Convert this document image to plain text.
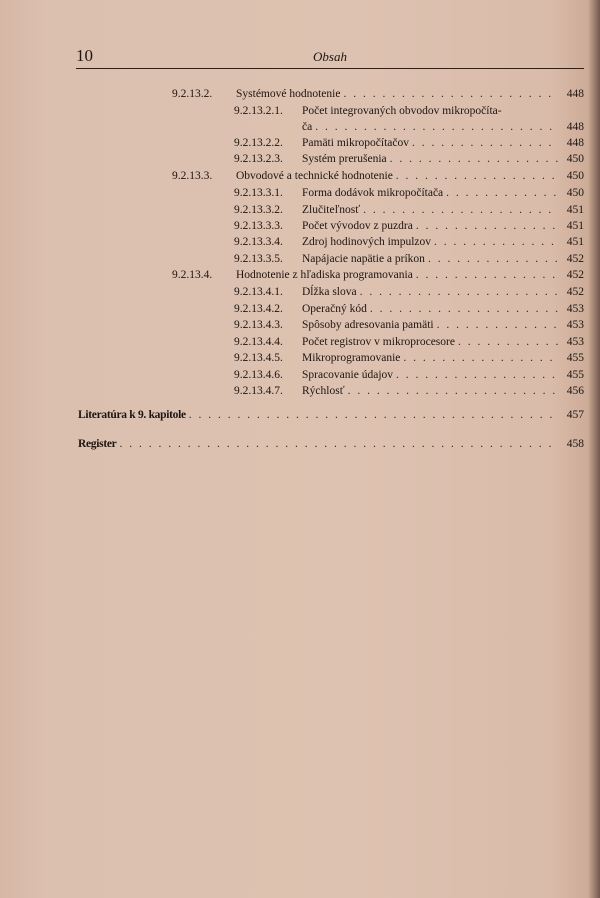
10	Obsah
9.2.13.2.	Systémové hodnotenie . . .	448
9.2.13.2.1.	Počet integrovaných obvodov mikropočíta-
ča . . .	448
9.2.13.2.2.	Pamäti mikropočítačov . . .	448
9.2.13.2.3.	Systém prerušenia . . .	450
9.2.13.3.	Obvodové a technické hodnotenie . . .	450
9.2.13.3.1.	Forma dodávok mikropočítača . . .	450
9.2.13.3.2.	Zlučiteľnosť . . .	451
9.2.13.3.3.	Počet vývodov z puzdra . . .	451
9.2.13.3.4.	Zdroj hodinových impulzov . . .	451
9.2.13.3.5.	Napájacie napätie a príkon . . .	452
9.2.13.4.	Hodnotenie z hľadiska programovania . . .	452
9.2.13.4.1.	Dĺžka slova . . .	452
9.2.13.4.2.	Operačný kód . . .	453
9.2.13.4.3.	Spôsoby adresovania pamäti . . .	453
9.2.13.4.4.	Počet registrov v mikroprocesore . . .	453
9.2.13.4.5.	Mikroprogramovanie . . .	455
9.2.13.4.6.	Spracovanie údajov . . .	455
9.2.13.4.7.	Rýchlosť . . .	456
Literatúra k 9. kapitole . . .	457
Register . . .	458
